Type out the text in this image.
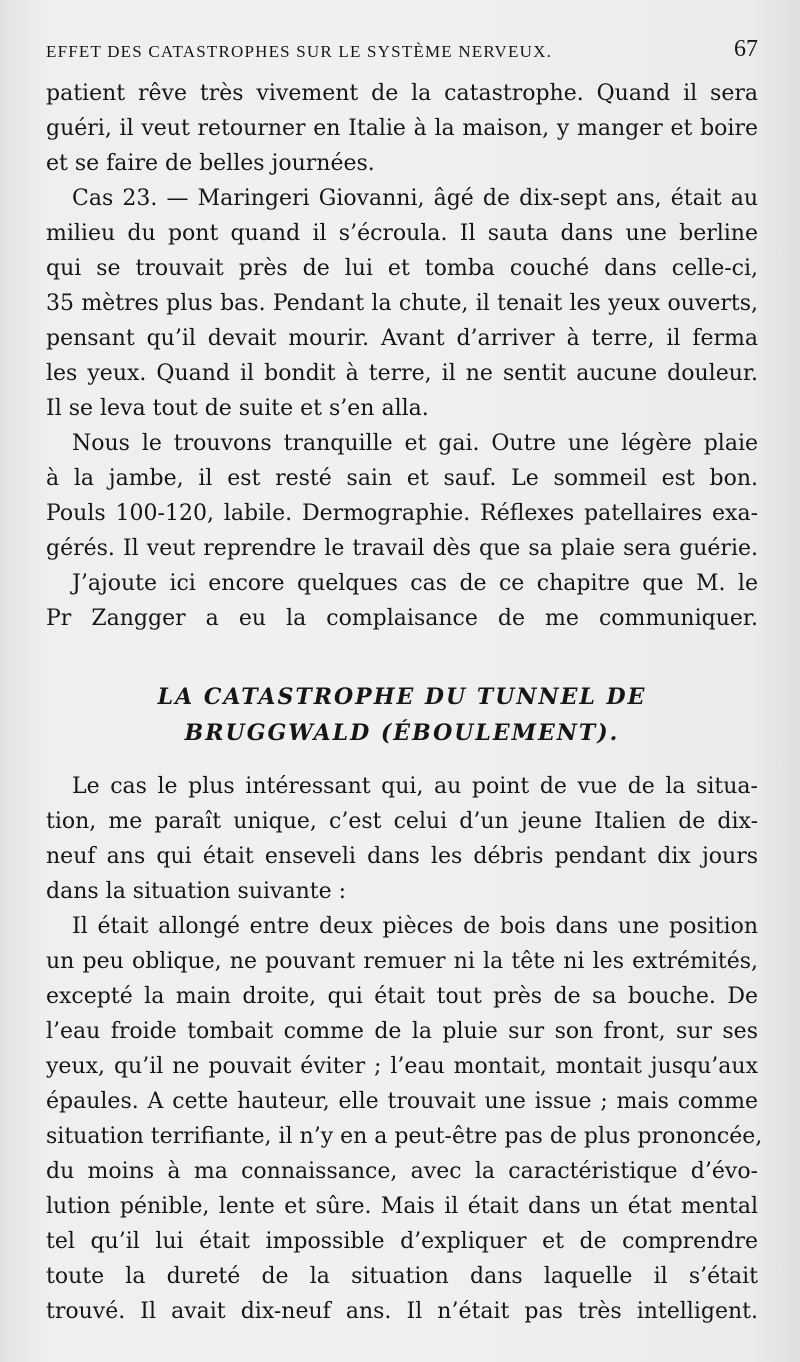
EFFET DES CATASTROPHES SUR LE SYSTÈME NERVEUX.	67
patient rêve très vivement de la catastrophe. Quand il sera
guéri, il veut retourner en Italie à la maison, y manger et boire
et se faire de belles journées.
Cas 23. — Maringeri Giovanni, âgé de dix-sept ans, était au
milieu du pont quand il s’écroula. Il sauta dans une berline
qui se trouvait près de lui et tomba couché dans celle-ci,
35 mètres plus bas. Pendant la chute, il tenait les yeux ouverts,
pensant qu’il devait mourir. Avant d’arriver à terre, il ferma
les yeux. Quand il bondit à terre, il ne sentit aucune douleur.
Il se leva tout de suite et s’en alla.
Nous le trouvons tranquille et gai. Outre une légère plaie
à la jambe, il est resté sain et sauf. Le sommeil est bon.
Pouls 100-120, labile. Dermographie. Réflexes patellaires exa-
gérés. Il veut reprendre le travail dès que sa plaie sera guérie.
J’ajoute ici encore quelques cas de ce chapitre que M. le
Pr Zangger a eu la complaisance de me communiquer.
LA CATASTROPHE DU TUNNEL DE
BRUGGWALD (ÉBOULEMENT).
Le cas le plus intéressant qui, au point de vue de la situa-
tion, me paraît unique, c’est celui d’un jeune Italien de dix-
neuf ans qui était enseveli dans les débris pendant dix jours
dans la situation suivante :
Il était allongé entre deux pièces de bois dans une position
un peu oblique, ne pouvant remuer ni la tête ni les extrémités,
excepté la main droite, qui était tout près de sa bouche. De
l’eau froide tombait comme de la pluie sur son front, sur ses
yeux, qu’il ne pouvait éviter ; l’eau montait, montait jusqu’aux
épaules. A cette hauteur, elle trouvait une issue ; mais comme
situation terrifiante, il n’y en a peut-être pas de plus prononcée,
du moins à ma connaissance, avec la caractéristique d’évo-
lution pénible, lente et sûre. Mais il était dans un état mental
tel qu’il lui était impossible d’expliquer et de comprendre
toute la dureté de la situation dans laquelle il s’était
trouvé. Il avait dix-neuf ans. Il n’était pas très intelligent.
